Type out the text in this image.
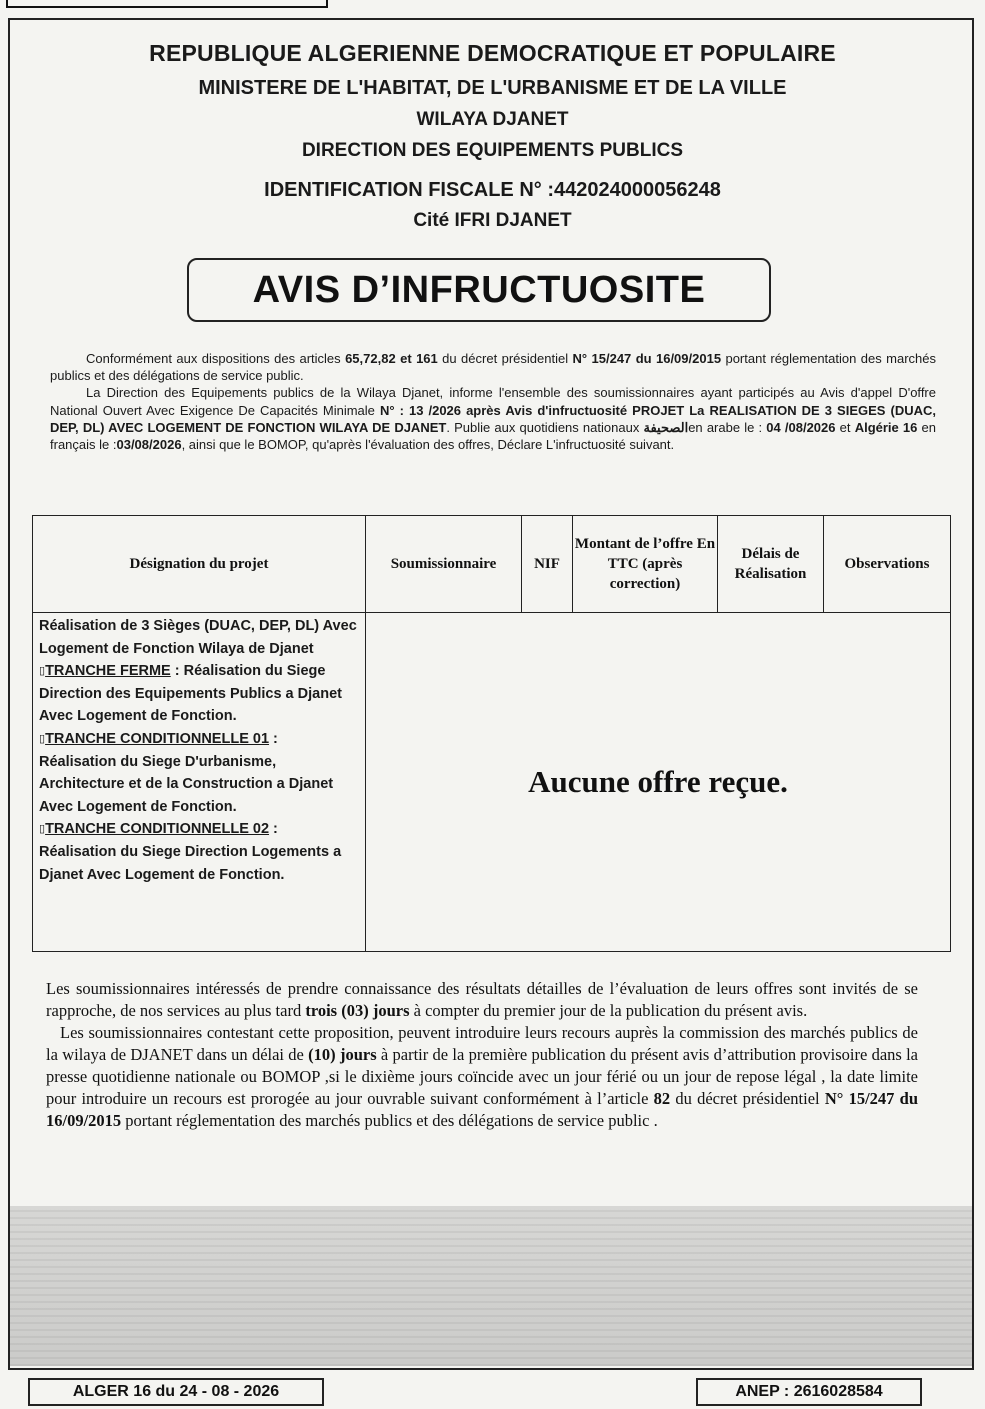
REPUBLIQUE ALGERIENNE DEMOCRATIQUE ET POPULAIRE
MINISTERE DE L'HABITAT, DE L'URBANISME ET DE LA VILLE
WILAYA DJANET
DIRECTION DES EQUIPEMENTS PUBLICS
IDENTIFICATION FISCALE N° :442024000056248
Cité IFRI DJANET
AVIS D’INFRUCTUOSITE

Conformément aux dispositions des articles 65,72,82 et 161 du décret présidentiel N° 15/247 du 16/09/2015 portant réglementation des marchés publics et des délégations de service public.

La Direction des Equipements publics de la Wilaya Djanet, informe l'ensemble des soumissionnaires ayant participés au Avis d'appel D'offre National Ouvert Avec Exigence De Capacités Minimale N° : 13 /2026 après Avis d'infructuosité PROJET La REALISATION DE 3 SIEGES (DUAC, DEP, DL) AVEC LOGEMENT DE FONCTION WILAYA DE DJANET. Publie aux quotidiens nationaux الصحيفةen arabe le : 04 /08/2026 et Algérie 16 en français le :03/08/2026, ainsi que le BOMOP, qu'après l'évaluation des offres, Déclare L'infructuosité suivant.

Désignation du projet	Soumissionnaire	NIF	Montant de l’offre En TTC (après correction)	Délais de Réalisation	Observations
Réalisation de 3 Sièges (DUAC, DEP, DL) Avec Logement de Fonction Wilaya de Djanet
▯TRANCHE FERME : Réalisation du Siege Direction des Equipements Publics a Djanet Avec Logement de Fonction.
▯TRANCHE CONDITIONNELLE 01 : Réalisation du Siege D'urbanisme, Architecture et de la Construction a Djanet Avec Logement de Fonction.
▯TRANCHE CONDITIONNELLE 02 : Réalisation du Siege Direction Logements a Djanet Avec Logement de Fonction.	Aucune offre reçue.				

Les soumissionnaires intéressés de prendre connaissance des résultats détailles de l’évaluation de leurs offres sont invités de se rapproche, de nos services au plus tard trois (03) jours à compter du premier jour de la publication du présent avis.

Les soumissionnaires contestant cette proposition, peuvent introduire leurs recours auprès la commission des marchés publics de la wilaya de DJANET dans un délai de (10) jours à partir de la première publication du présent avis d’attribution provisoire dans la presse quotidienne nationale ou BOMOP ,si le dixième jours coïncide avec un jour férié ou un jour de repose légal , la date limite pour introduire un recours est prorogée au jour ouvrable suivant conformément à l’article 82 du décret présidentiel N° 15/247 du 16/09/2015 portant réglementation des marchés publics et des délégations de service public .

ALGER 16 du 24 - 08 - 2026	ANEP : 2616028584
